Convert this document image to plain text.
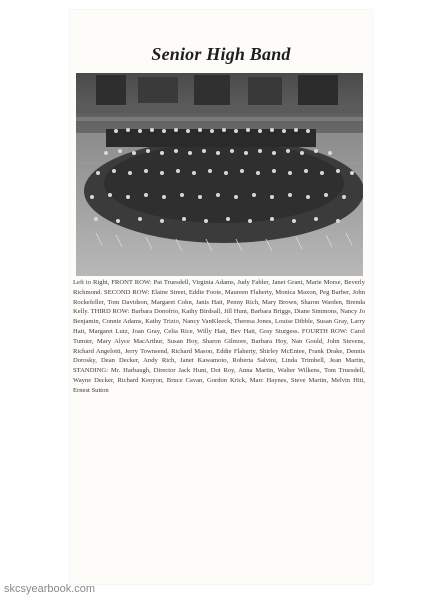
Senior High Band

Left to Right, FRONT ROW: Pat Truesdell, Virginia Adams, Judy Fabler, Janet Grant, Marie Morse, Beverly Richmond. SECOND ROW: Elaine Street, Eddie Foote, Maureen Flaherty, Monica Maxon, Peg Barber, John Rockefeller, Tom Davidson, Margaret Cohn, Janis Hait, Penny Rich, Mary Brown, Sharon Warden, Brenda Kelly. THIRD ROW: Barbara Donofrio, Kathy Birdsall, Jill Hunt, Barbara Briggs, Diane Simmons, Nancy Jo Benjamin, Connie Adams, Kathy Trizio, Nancy VanKleeck, Theresa Jones, Louise Dibble, Susan Gray, Larry Hait, Margaret Lutz, Joan Gray, Celia Rice, Willy Hait, Bev Hait, Gray Sturgess. FOURTH ROW: Carol Tumier, Mary Alyce MacArthur, Susan Hoy, Sharon Gilmore, Barbara Hoy, Nan Gould, John Stevens, Richard Angelotti, Jerry Townsend, Richard Mason, Eddie Flaherty, Shirley McEntee, Frank Drake, Dennis Dorosky, Dean Decker, Andy Rich, Janet Kawamoto, Roberta Salvini, Linda Trimbell, Jean Martin, STANDING: Mr. Harbaugh, Director Jack Hunt, Dot Roy, Anna Martin, Walter Wilkens, Tom Truesdell, Wayne Decker, Richard Kenyon, Bruce Cavan, Gordon Krick, Marc Haynes, Steve Martin, Melvin Hitt, Ernest Sutton

skcsyearbook.com
